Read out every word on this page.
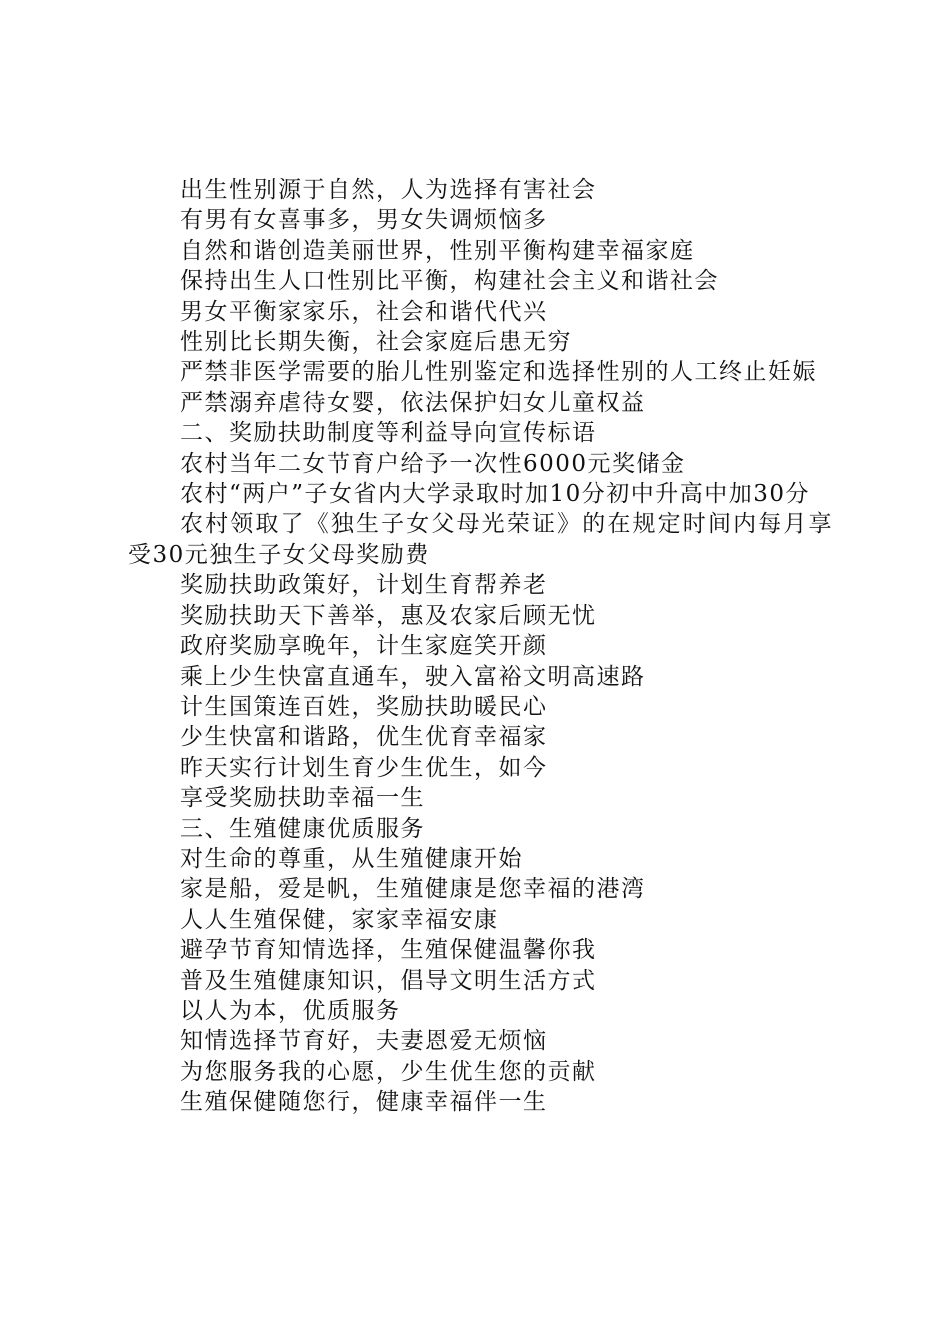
出生性别源于自然，人为选择有害社会

有男有女喜事多，男女失调烦恼多

自然和谐创造美丽世界，性别平衡构建幸福家庭

保持出生人口性别比平衡，构建社会主义和谐社会

男女平衡家家乐，社会和谐代代兴

性别比长期失衡，社会家庭后患无穷

严禁非医学需要的胎儿性别鉴定和选择性别的人工终止妊娠

严禁溺弃虐待女婴，依法保护妇女儿童权益

二、奖励扶助制度等利益导向宣传标语

农村当年二女节育户给予一次性6000元奖储金

农村“两户”子女省内大学录取时加10分初中升高中加30分

农村领取了《独生子女父母光荣证》的在规定时间内每月享受30元独生子女父母奖励费

奖励扶助政策好，计划生育帮养老

奖励扶助天下善举，惠及农家后顾无忧

政府奖励享晚年，计生家庭笑开颜

乘上少生快富直通车，驶入富裕文明高速路

计生国策连百姓，奖励扶助暖民心

少生快富和谐路，优生优育幸福家

昨天实行计划生育少生优生，如今

享受奖励扶助幸福一生

三、生殖健康优质服务

对生命的尊重，从生殖健康开始

家是船，爱是帆，生殖健康是您幸福的港湾

人人生殖保健，家家幸福安康

避孕节育知情选择，生殖保健温馨你我

普及生殖健康知识，倡导文明生活方式

以人为本，优质服务

知情选择节育好，夫妻恩爱无烦恼

为您服务我的心愿，少生优生您的贡献

生殖保健随您行，健康幸福伴一生
